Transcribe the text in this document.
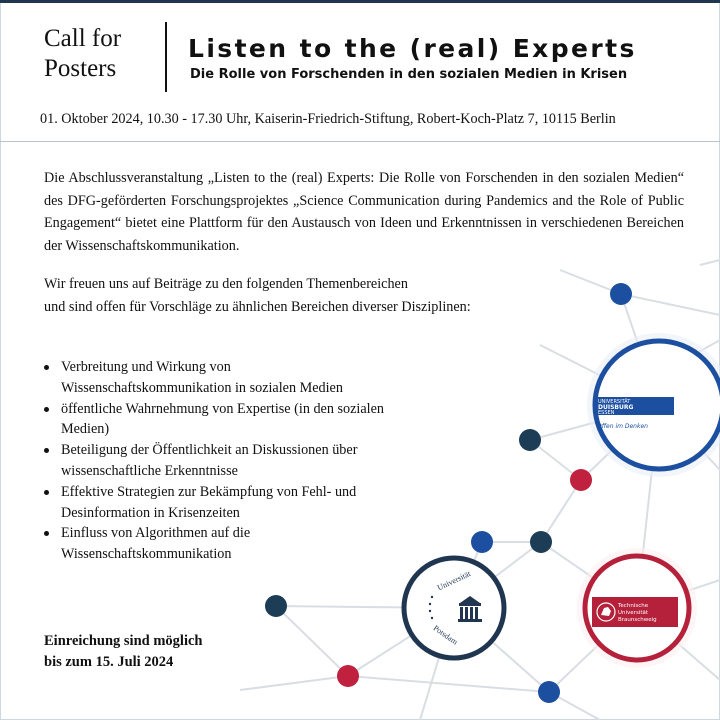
Call for
Posters
Listen to the (real) Experts
Die Rolle von Forschenden in den sozialen Medien in Krisen
01. Oktober 2024, 10.30 - 17.30 Uhr, Kaiserin-Friedrich-Stiftung, Robert-Koch-Platz 7, 10115 Berlin
Die Abschlussveranstaltung „Listen to the (real) Experts: Die Rolle von Forschenden in den sozialen Medien“ des DFG-geförderten Forschungsprojektes „Science Communication during Pandemics and the Role of Public Engagement“ bietet eine Plattform für den Austausch von Ideen und Erkenntnissen in verschiedenen Bereichen der Wissenschaftskommunikation.
Wir freuen uns auf Beiträge zu den folgenden Themenbereichen
und sind offen für Vorschläge zu ähnlichen Bereichen diverser Disziplinen:
UNIVERSITÄT
DUISBURG
ESSEN
Offen im Denken
Universität
Potsdam
Technische
Universität
Braunschweig
Verbreitung und Wirkung von Wissenschaftskommunikation in sozialen Medien
öffentliche Wahrnehmung von Expertise (in den sozialen Medien)
Beteiligung der Öffentlichkeit an Diskussionen über wissenschaftliche Erkenntnisse
Effektive Strategien zur Bekämpfung von Fehl- und Desinformation in Krisenzeiten
Einfluss von Algorithmen auf die Wissenschaftskommunikation
Einreichung sind möglich
bis zum 15. Juli 2024
